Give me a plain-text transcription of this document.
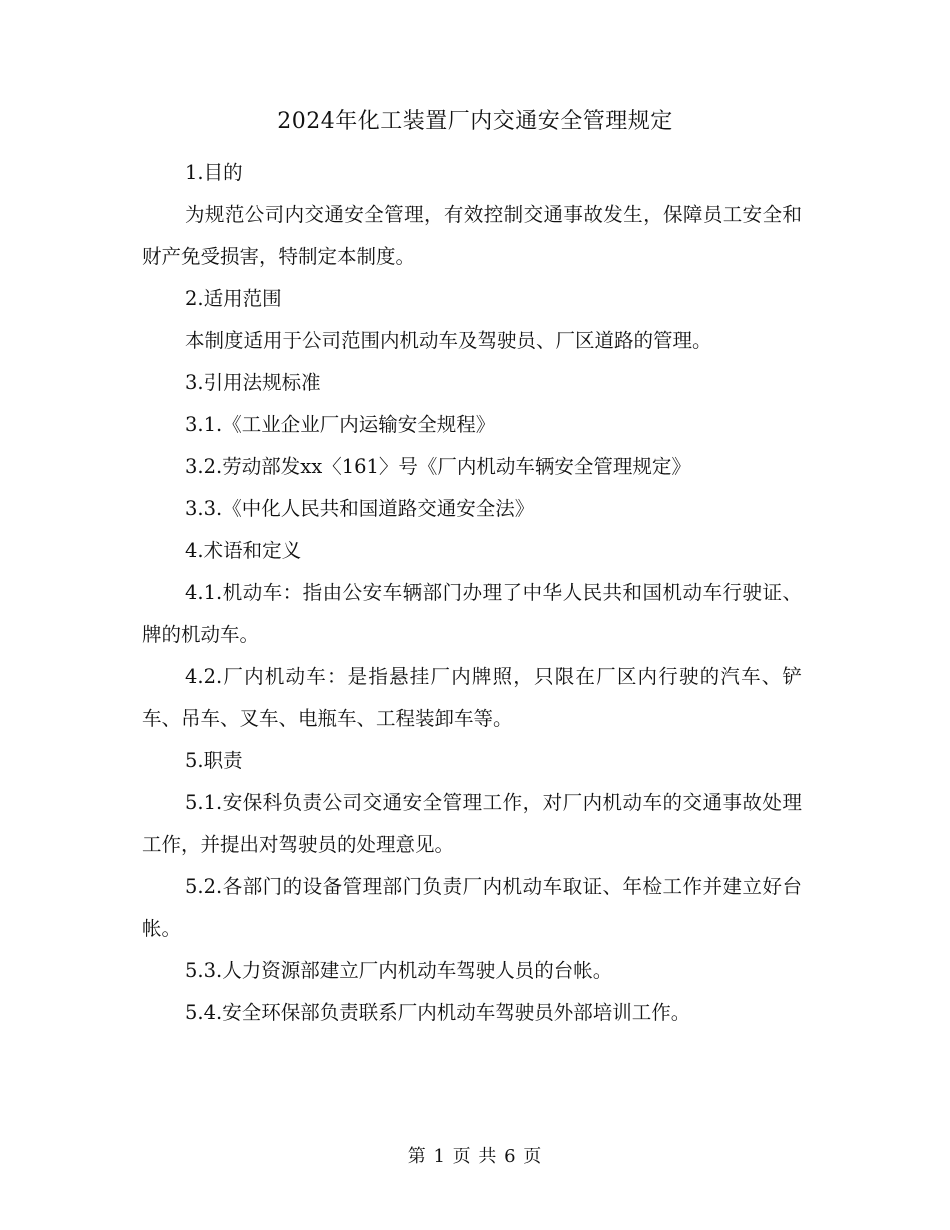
2024年化工装置厂内交通安全管理规定

1.目的

为规范公司内交通安全管理，有效控制交通事故发生，保障员工安全和财产免受损害，特制定本制度。

2.适用范围

本制度适用于公司范围内机动车及驾驶员、厂区道路的管理。

3.引用法规标准

3.1.《工业企业厂内运输安全规程》

3.2.劳动部发xx〈161〉号《厂内机动车辆安全管理规定》

3.3.《中化人民共和国道路交通安全法》

4.术语和定义

4.1.机动车：指由公安车辆部门办理了中华人民共和国机动车行驶证、牌的机动车。

4.2.厂内机动车：是指悬挂厂内牌照，只限在厂区内行驶的汽车、铲车、吊车、叉车、电瓶车、工程装卸车等。

5.职责

5.1.安保科负责公司交通安全管理工作，对厂内机动车的交通事故处理工作，并提出对驾驶员的处理意见。

5.2.各部门的设备管理部门负责厂内机动车取证、年检工作并建立好台帐。

5.3.人力资源部建立厂内机动车驾驶人员的台帐。

5.4.安全环保部负责联系厂内机动车驾驶员外部培训工作。

第 1 页 共 6 页
